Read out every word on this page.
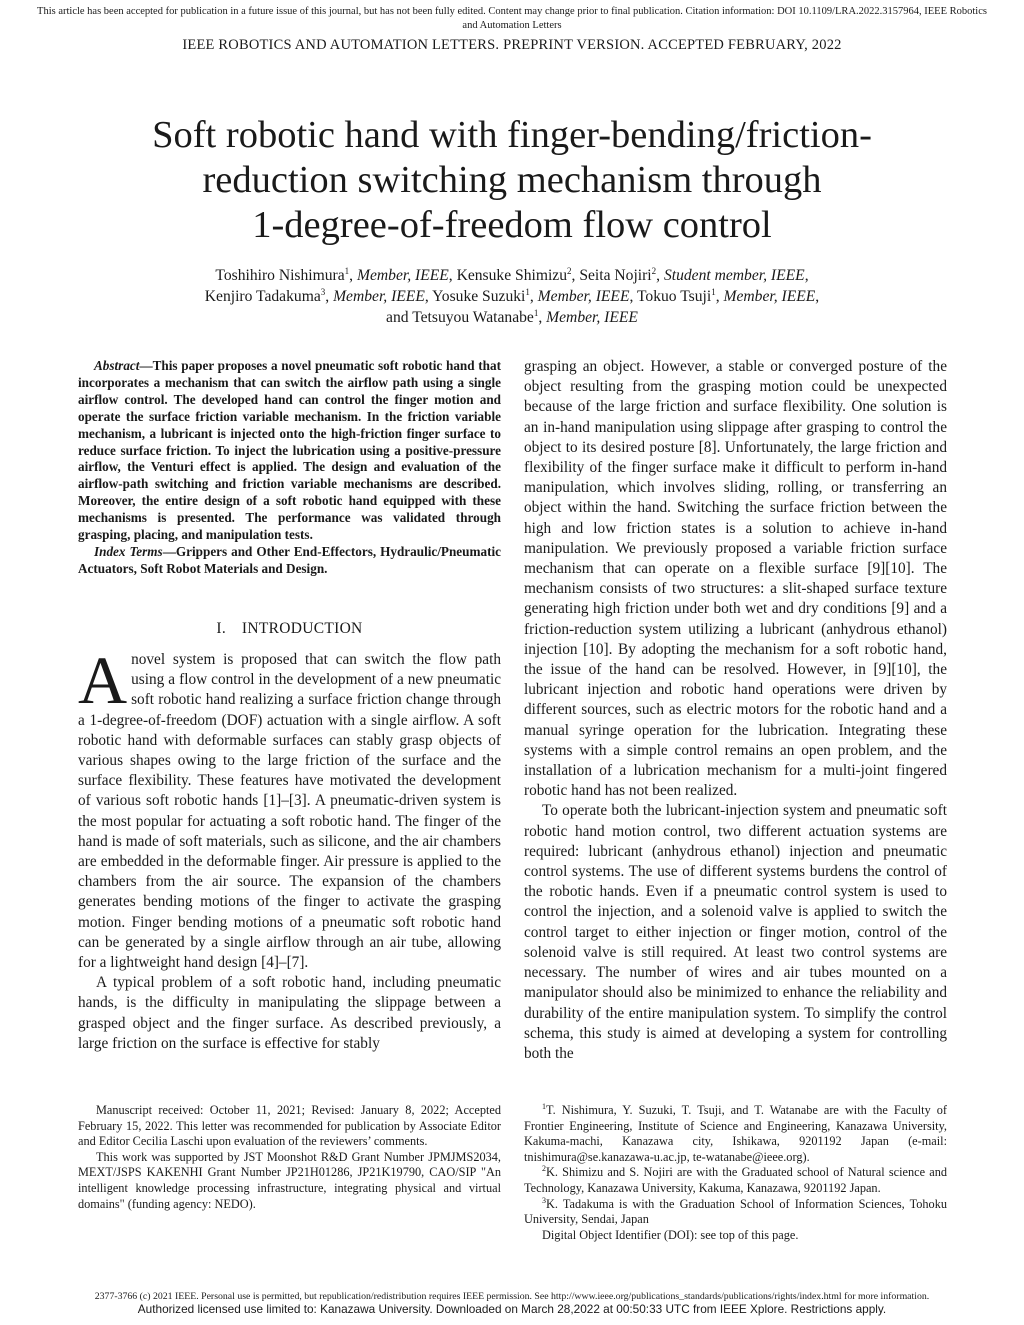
This article has been accepted for publication in a future issue of this journal, but has not been fully edited. Content may change prior to final publication. Citation information: DOI 10.1109/LRA.2022.3157964, IEEE Robotics
and Automation Letters
IEEE ROBOTICS AND AUTOMATION LETTERS. PREPRINT VERSION. ACCEPTED FEBRUARY, 2022
Soft robotic hand with finger-bending/friction-
reduction switching mechanism through
1-degree-of-freedom flow control
Toshihiro Nishimura$^1$, Member, IEEE, Kensuke Shimizu$^2$, Seita Nojiri$^2$, Student member, IEEE,
Kenjiro Tadakuma$^3$, Member, IEEE, Yosuke Suzuki$^1$, Member, IEEE, Tokuo Tsuji$^1$, Member, IEEE,
and Tetsuyou Watanabe$^1$, Member, IEEE
Abstract—This paper proposes a novel pneumatic soft robotic hand that incorporates a mechanism that can switch the airflow path using a single airflow control. The developed hand can control the finger motion and operate the surface friction variable mechanism. In the friction variable mechanism, a lubricant is injected onto the high-friction finger surface to reduce surface friction. To inject the lubrication using a positive-pressure airflow, the Venturi effect is applied. The design and evaluation of the airflow-path switching and friction variable mechanisms are described. Moreover, the entire design of a soft robotic hand equipped with these mechanisms is presented. The performance was validated through grasping, placing, and manipulation tests.
Index Terms—Grippers and Other End-Effectors, Hydraulic/Pneumatic Actuators, Soft Robot Materials and Design.
I. INTRODUCTION

Anovel system is proposed that can switch the flow path using a flow control in the development of a new pneumatic soft robotic hand realizing a surface friction change through a 1-degree-of-freedom (DOF) actuation with a single airflow. A soft robotic hand with deformable surfaces can stably grasp objects of various shapes owing to the large friction of the surface and the surface flexibility. These features have motivated the development of various soft robotic hands [1]–[3]. A pneumatic-driven system is the most popular for actuating a soft robotic hand. The finger of the hand is made of soft materials, such as silicone, and the air chambers are embedded in the deformable finger. Air pressure is applied to the chambers from the air source. The expansion of the chambers generates bending motions of the finger to activate the grasping motion. Finger bending motions of a pneumatic soft robotic hand can be generated by a single airflow through an air tube, allowing for a lightweight hand design [4]–[7].

A typical problem of a soft robotic hand, including pneumatic hands, is the difficulty in manipulating the slippage between a grasped object and the finger surface. As described previously, a large friction on the surface is effective for stably

grasping an object. However, a stable or converged posture of the object resulting from the grasping motion could be unexpected because of the large friction and surface flexibility. One solution is an in-hand manipulation using slippage after grasping to control the object to its desired posture [8]. Unfortunately, the large friction and flexibility of the finger surface make it difficult to perform in-hand manipulation, which involves sliding, rolling, or transferring an object within the hand. Switching the surface friction between the high and low friction states is a solution to achieve in-hand manipulation. We previously proposed a variable friction surface mechanism that can operate on a flexible surface [9][10]. The mechanism consists of two structures: a slit-shaped surface texture generating high friction under both wet and dry conditions [9] and a friction-reduction system utilizing a lubricant (anhydrous ethanol) injection [10]. By adopting the mechanism for a soft robotic hand, the issue of the hand can be resolved. However, in [9][10], the lubricant injection and robotic hand operations were driven by different sources, such as electric motors for the robotic hand and a manual syringe operation for the lubrication. Integrating these systems with a simple control remains an open problem, and the installation of a lubrication mechanism for a multi-joint fingered robotic hand has not been realized.

To operate both the lubricant-injection system and pneumatic soft robotic hand motion control, two different actuation systems are required: lubricant (anhydrous ethanol) injection and pneumatic control systems. The use of different systems burdens the control of the robotic hands. Even if a pneumatic control system is used to control the injection, and a solenoid valve is applied to switch the control target to either injection or finger motion, control of the solenoid valve is still required. At least two control systems are necessary. The number of wires and air tubes mounted on a manipulator should also be minimized to enhance the reliability and durability of the entire manipulation system. To simplify the control schema, this study is aimed at developing a system for controlling both the

Manuscript received: October 11, 2021; Revised: January 8, 2022; Accepted February 15, 2022. This letter was recommended for publication by Associate Editor and Editor Cecilia Laschi upon evaluation of the reviewers’ comments.

This work was supported by JST Moonshot R&D Grant Number JPMJMS2034, MEXT/JSPS KAKENHI Grant Number JP21H01286, JP21K19790, CAO/SIP "An intelligent knowledge processing infrastructure, integrating physical and virtual domains" (funding agency: NEDO).

$^1$T. Nishimura, Y. Suzuki, T. Tsuji, and T. Watanabe are with the Faculty of Frontier Engineering, Institute of Science and Engineering, Kanazawa University, Kakuma-machi, Kanazawa city, Ishikawa, 9201192 Japan (e-mail: tnishimura@se.kanazawa-u.ac.jp, te-watanabe@ieee.org).

$^2$K. Shimizu and S. Nojiri are with the Graduated school of Natural science and Technology, Kanazawa University, Kakuma, Kanazawa, 9201192 Japan.

$^3$K. Tadakuma is with the Graduation School of Information Sciences, Tohoku University, Sendai, Japan

Digital Object Identifier (DOI): see top of this page.

2377-3766 (c) 2021 IEEE. Personal use is permitted, but republication/redistribution requires IEEE permission. See http://www.ieee.org/publications_standards/publications/rights/index.html for more information.
Authorized licensed use limited to: Kanazawa University. Downloaded on March 28,2022 at 00:50:33 UTC from IEEE Xplore. Restrictions apply.
